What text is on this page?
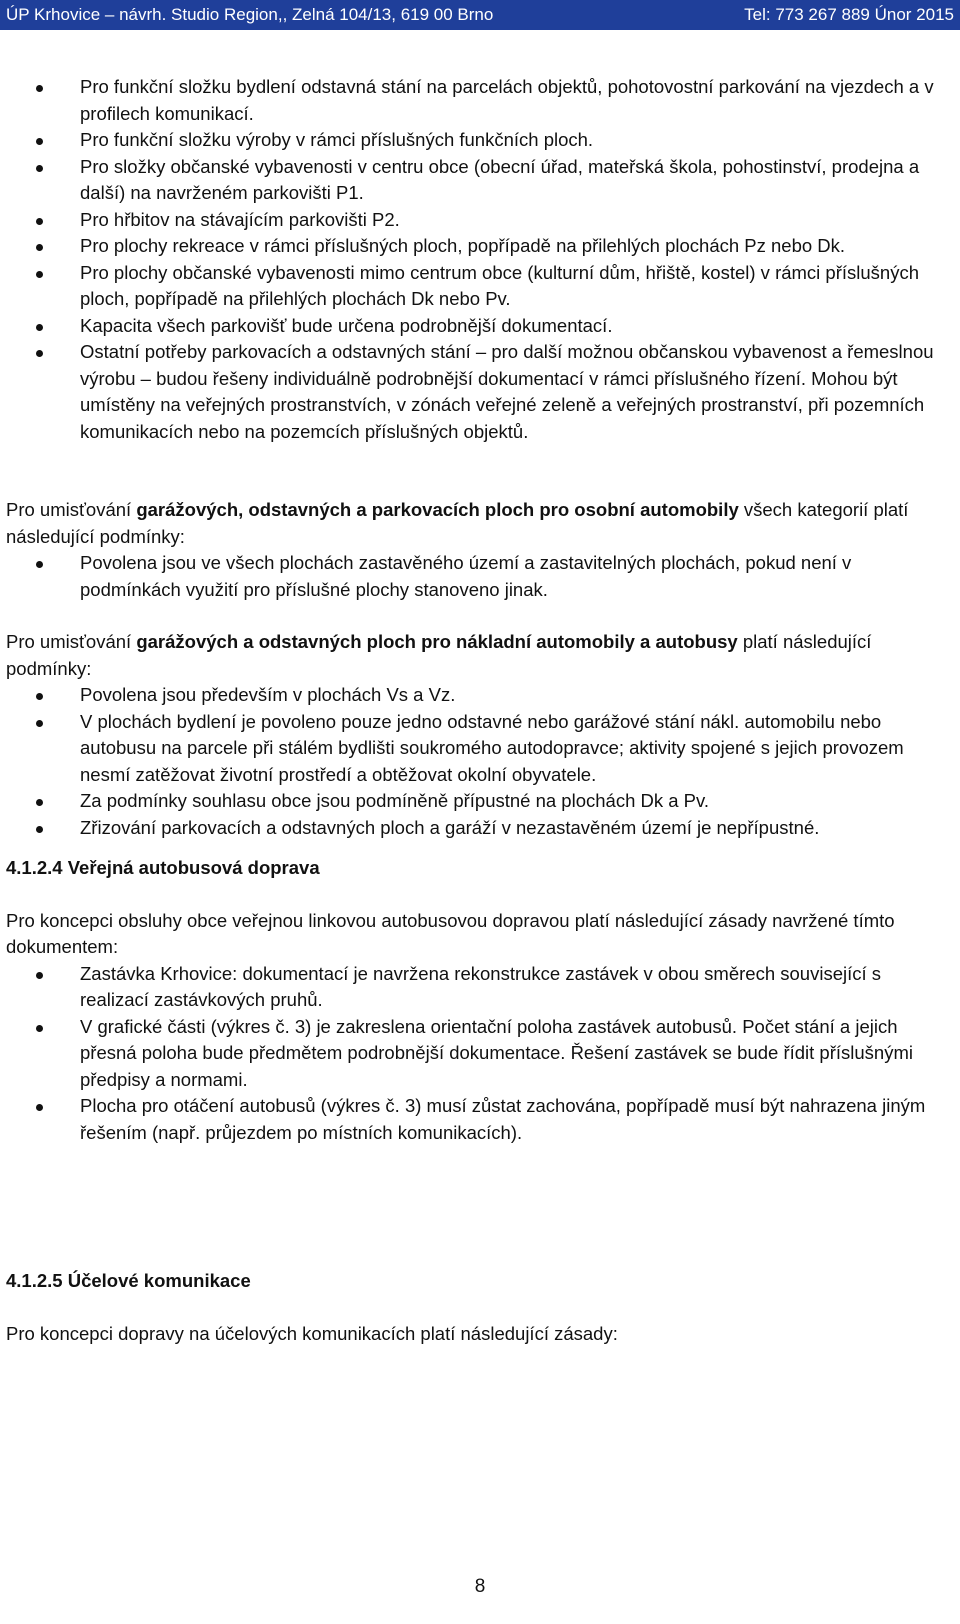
ÚP Krhovice – návrh. Studio Region,, Zelná 104/13, 619 00 Brno	Tel: 773 267 889 Únor 2015
Pro funkční složku bydlení odstavná stání na parcelách objektů, pohotovostní parkování na vjezdech a v profilech komunikací.
Pro funkční složku výroby v rámci příslušných funkčních ploch.
Pro složky občanské vybavenosti v centru obce (obecní úřad, mateřská škola, pohostinství, prodejna a další) na navrženém parkovišti P1.
Pro hřbitov na stávajícím parkovišti P2.
Pro plochy rekreace v rámci příslušných ploch, popřípadě na přilehlých plochách Pz nebo Dk.
Pro plochy občanské vybavenosti mimo centrum obce (kulturní dům, hřiště, kostel) v rámci příslušných ploch, popřípadě na přilehlých plochách Dk nebo Pv.
Kapacita všech parkovišť bude určena podrobnější dokumentací.
Ostatní potřeby parkovacích a odstavných stání – pro další možnou občanskou vybavenost a řemeslnou výrobu – budou řešeny individuálně podrobnější dokumentací v rámci příslušného řízení. Mohou být umístěny na veřejných prostranstvích, v zónách veřejné zeleně a veřejných prostranství, při pozemních komunikacích nebo na pozemcích příslušných objektů.

Pro umisťování garážových, odstavných a parkovacích ploch pro osobní automobily všech kategorií platí následující podmínky:

Povolena jsou ve všech plochách zastavěného území a zastavitelných plochách, pokud není v podmínkách využití pro příslušné plochy stanoveno jinak.

Pro umisťování garážových a odstavných ploch pro nákladní automobily a autobusy platí následující podmínky:

Povolena jsou především v plochách Vs a Vz.
V plochách bydlení je povoleno pouze jedno odstavné nebo garážové stání nákl. automobilu nebo autobusu na parcele při stálém bydlišti soukromého autodopravce; aktivity spojené s jejich provozem nesmí zatěžovat životní prostředí a obtěžovat okolní obyvatele.
Za podmínky souhlasu obce jsou podmíněně přípustné na plochách Dk a Pv.
Zřizování parkovacích a odstavných ploch a garáží v nezastavěném území je nepřípustné.

4.1.2.4 Veřejná autobusová doprava

Pro koncepci obsluhy obce veřejnou linkovou autobusovou dopravou platí následující zásady navržené tímto dokumentem:

Zastávka Krhovice: dokumentací je navržena rekonstrukce zastávek v obou směrech související s realizací zastávkových pruhů.
V grafické části (výkres č. 3) je zakreslena orientační poloha zastávek autobusů. Počet stání a jejich přesná poloha bude předmětem podrobnější dokumentace. Řešení zastávek se bude řídit příslušnými předpisy a normami.
Plocha pro otáčení autobusů (výkres č. 3) musí zůstat zachována, popřípadě musí být nahrazena jiným řešením (např. průjezdem po místních komunikacích).

4.1.2.5 Účelové komunikace

Pro koncepci dopravy na účelových komunikacích platí následující zásady:

8
